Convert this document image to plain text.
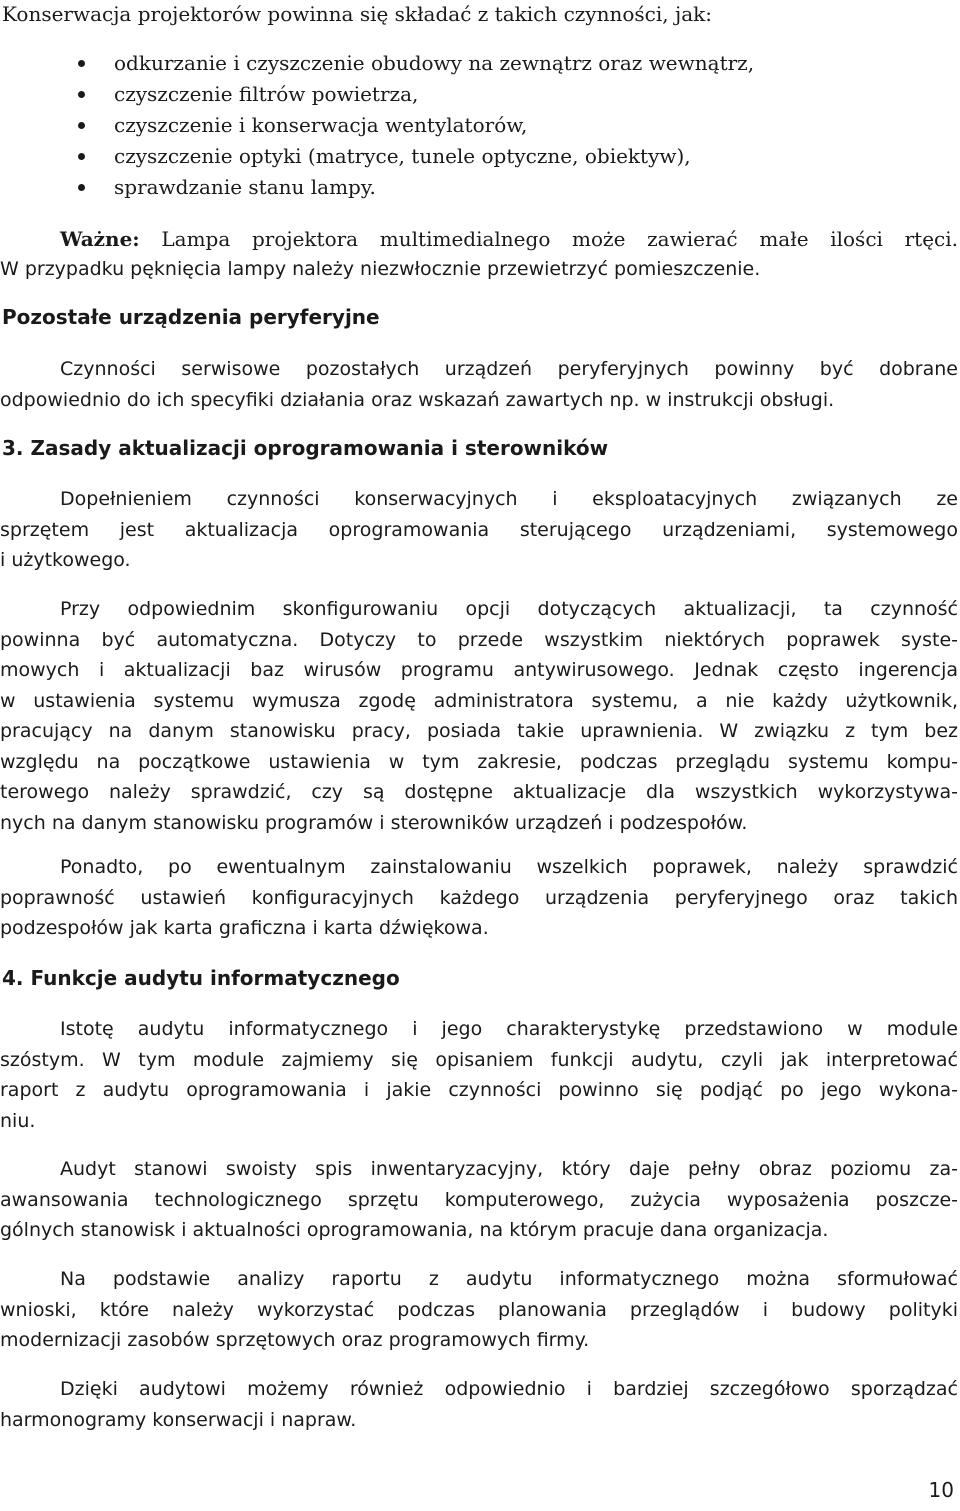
Konserwacja projektorów powinna się składać z takich czynności, jak:

odkurzanie i czyszczenie obudowy na zewnątrz oraz wewnątrz,
czyszczenie filtrów powietrza,
czyszczenie i konserwacja wentylatorów,
czyszczenie optyki (matryce, tunele optyczne, obiektyw),
sprawdzanie stanu lampy.

Ważne: Lampa projektora multimedialnego może zawierać małe ilości rtęci.
W przypadku pęknięcia lampy należy niezwłocznie przewietrzyć pomieszczenie.

Pozostałe urządzenia peryferyjne

Czynności serwisowe pozostałych urządzeń peryferyjnych powinny być dobrane
odpowiednio do ich specyfiki działania oraz wskazań zawartych np. w instrukcji obsługi.

3. Zasady aktualizacji oprogramowania i sterowników

Dopełnieniem czynności konserwacyjnych i eksploatacyjnych związanych ze
sprzętem jest aktualizacja oprogramowania sterującego urządzeniami, systemowego
i użytkowego.

Przy odpowiednim skonfigurowaniu opcji dotyczących aktualizacji, ta czynność
powinna być automatyczna. Dotyczy to przede wszystkim niektórych poprawek syste-
mowych i aktualizacji baz wirusów programu antywirusowego. Jednak często ingerencja
w ustawienia systemu wymusza zgodę administratora systemu, a nie każdy użytkownik,
pracujący na danym stanowisku pracy, posiada takie uprawnienia. W związku z tym bez
względu na początkowe ustawienia w tym zakresie, podczas przeglądu systemu kompu-
terowego należy sprawdzić, czy są dostępne aktualizacje dla wszystkich wykorzystywa-
nych na danym stanowisku programów i sterowników urządzeń i podzespołów.

Ponadto, po ewentualnym zainstalowaniu wszelkich poprawek, należy sprawdzić
poprawność ustawień konfiguracyjnych każdego urządzenia peryferyjnego oraz takich
podzespołów jak karta graficzna i karta dźwiękowa.

4. Funkcje audytu informatycznego

Istotę audytu informatycznego i jego charakterystykę przedstawiono w module
szóstym. W tym module zajmiemy się opisaniem funkcji audytu, czyli jak interpretować
raport z audytu oprogramowania i jakie czynności powinno się podjąć po jego wykona-
niu.

Audyt stanowi swoisty spis inwentaryzacyjny, który daje pełny obraz poziomu za-
awansowania technologicznego sprzętu komputerowego, zużycia wyposażenia poszcze-
gólnych stanowisk i aktualności oprogramowania, na którym pracuje dana organizacja.

Na podstawie analizy raportu z audytu informatycznego można sformułować
wnioski, które należy wykorzystać podczas planowania przeglądów i budowy polityki
modernizacji zasobów sprzętowych oraz programowych firmy.

Dzięki audytowi możemy również odpowiednio i bardziej szczegółowo sporządzać
harmonogramy konserwacji i napraw.

10
